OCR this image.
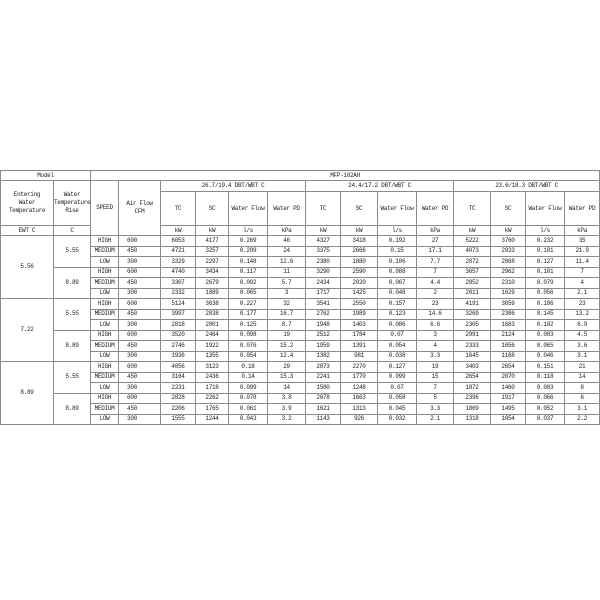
Model		MFP-102AH													
Entering Water Temperature	Water Temperature Rise	SPEED	Air Flow CFM	26.7/19.4 DBT/WBT C				24.4/17.2 DBT/WBT C				23.6/18.3 DBT/WBT C			
				TC	SC	Water Flow	Water PD	TC	SC	Water Flow	Water PD	TC	SC	Water Flow	Water PD
EWT C	C			kW	kW	l/s	kPa	kW	kW	l/s	kPa	kW	kW	l/s	kPa
5.56	5.55	HIGH	600	6053	4177	0.269	46	4327	3418	0.192	27	5222	3760	0.232	35
		MEDIUM	450	4721	3257	0.209	24	3375	2666	0.15	17.1	4073	2933	0.181	21.9
		LOW	300	3329	2297	0.148	12.6	2380	1880	0.106	7.7	2872	2068	0.127	11.4
	8.89	HIGH	600	4740	3434	0.117	11	3290	2590	0.088	7	3657	2962	0.101	7
		MEDIUM	450	3307	2679	0.092	5.7	2434	2020	0.067	4.4	2852	2310	0.079	4
		LOW	300	2332	1889	0.065	3	1717	1425	0.048	2	2011	1629	0.056	2.1
7.22	5.55	HIGH	600	5124	3638	0.227	32	3541	2550	0.157	23	4191	3059	0.186	23
		MEDIUM	450	3997	2838	0.177	16.7	2762	1989	0.123	14.6	3269	2386	0.145	13.2
		LOW	300	2818	2001	0.125	8.7	1948	1403	0.086	6.6	2305	1683	0.102	6.9
	8.89	HIGH	600	3520	2464	0.098	19	2512	1784	0.07	3	2991	2124	0.083	4.5
		MEDIUM	450	2746	1922	0.076	15.2	1959	1391	0.054	4	2333	1656	0.065	3.6
		LOW	300	1936	1355	0.054	12.4	1382	981	0.038	3.3	1645	1168	0.046	3.1
8.89	5.55	HIGH	600	4056	3123	0.18	29	2873	2270	0.127	19	3403	2654	0.151	21
		MEDIUM	450	3164	2436	0.14	15.3	2241	1770	0.099	15	2654	2070	0.118	14
		LOW	300	2231	1718	0.099	14	1580	1248	0.07	7	1872	1460	0.083	8
	8.89	HIGH	600	2828	2262	0.078	3.8	2078	1663	0.058	5	2396	1917	0.066	6
		MEDIUM	450	2206	1765	0.061	3.9	1621	1313	0.045	3.3	1869	1495	0.052	3.1
		LOW	300	1555	1244	0.043	3.2	1143	926	0.032	2.1	1318	1054	0.037	2.2
